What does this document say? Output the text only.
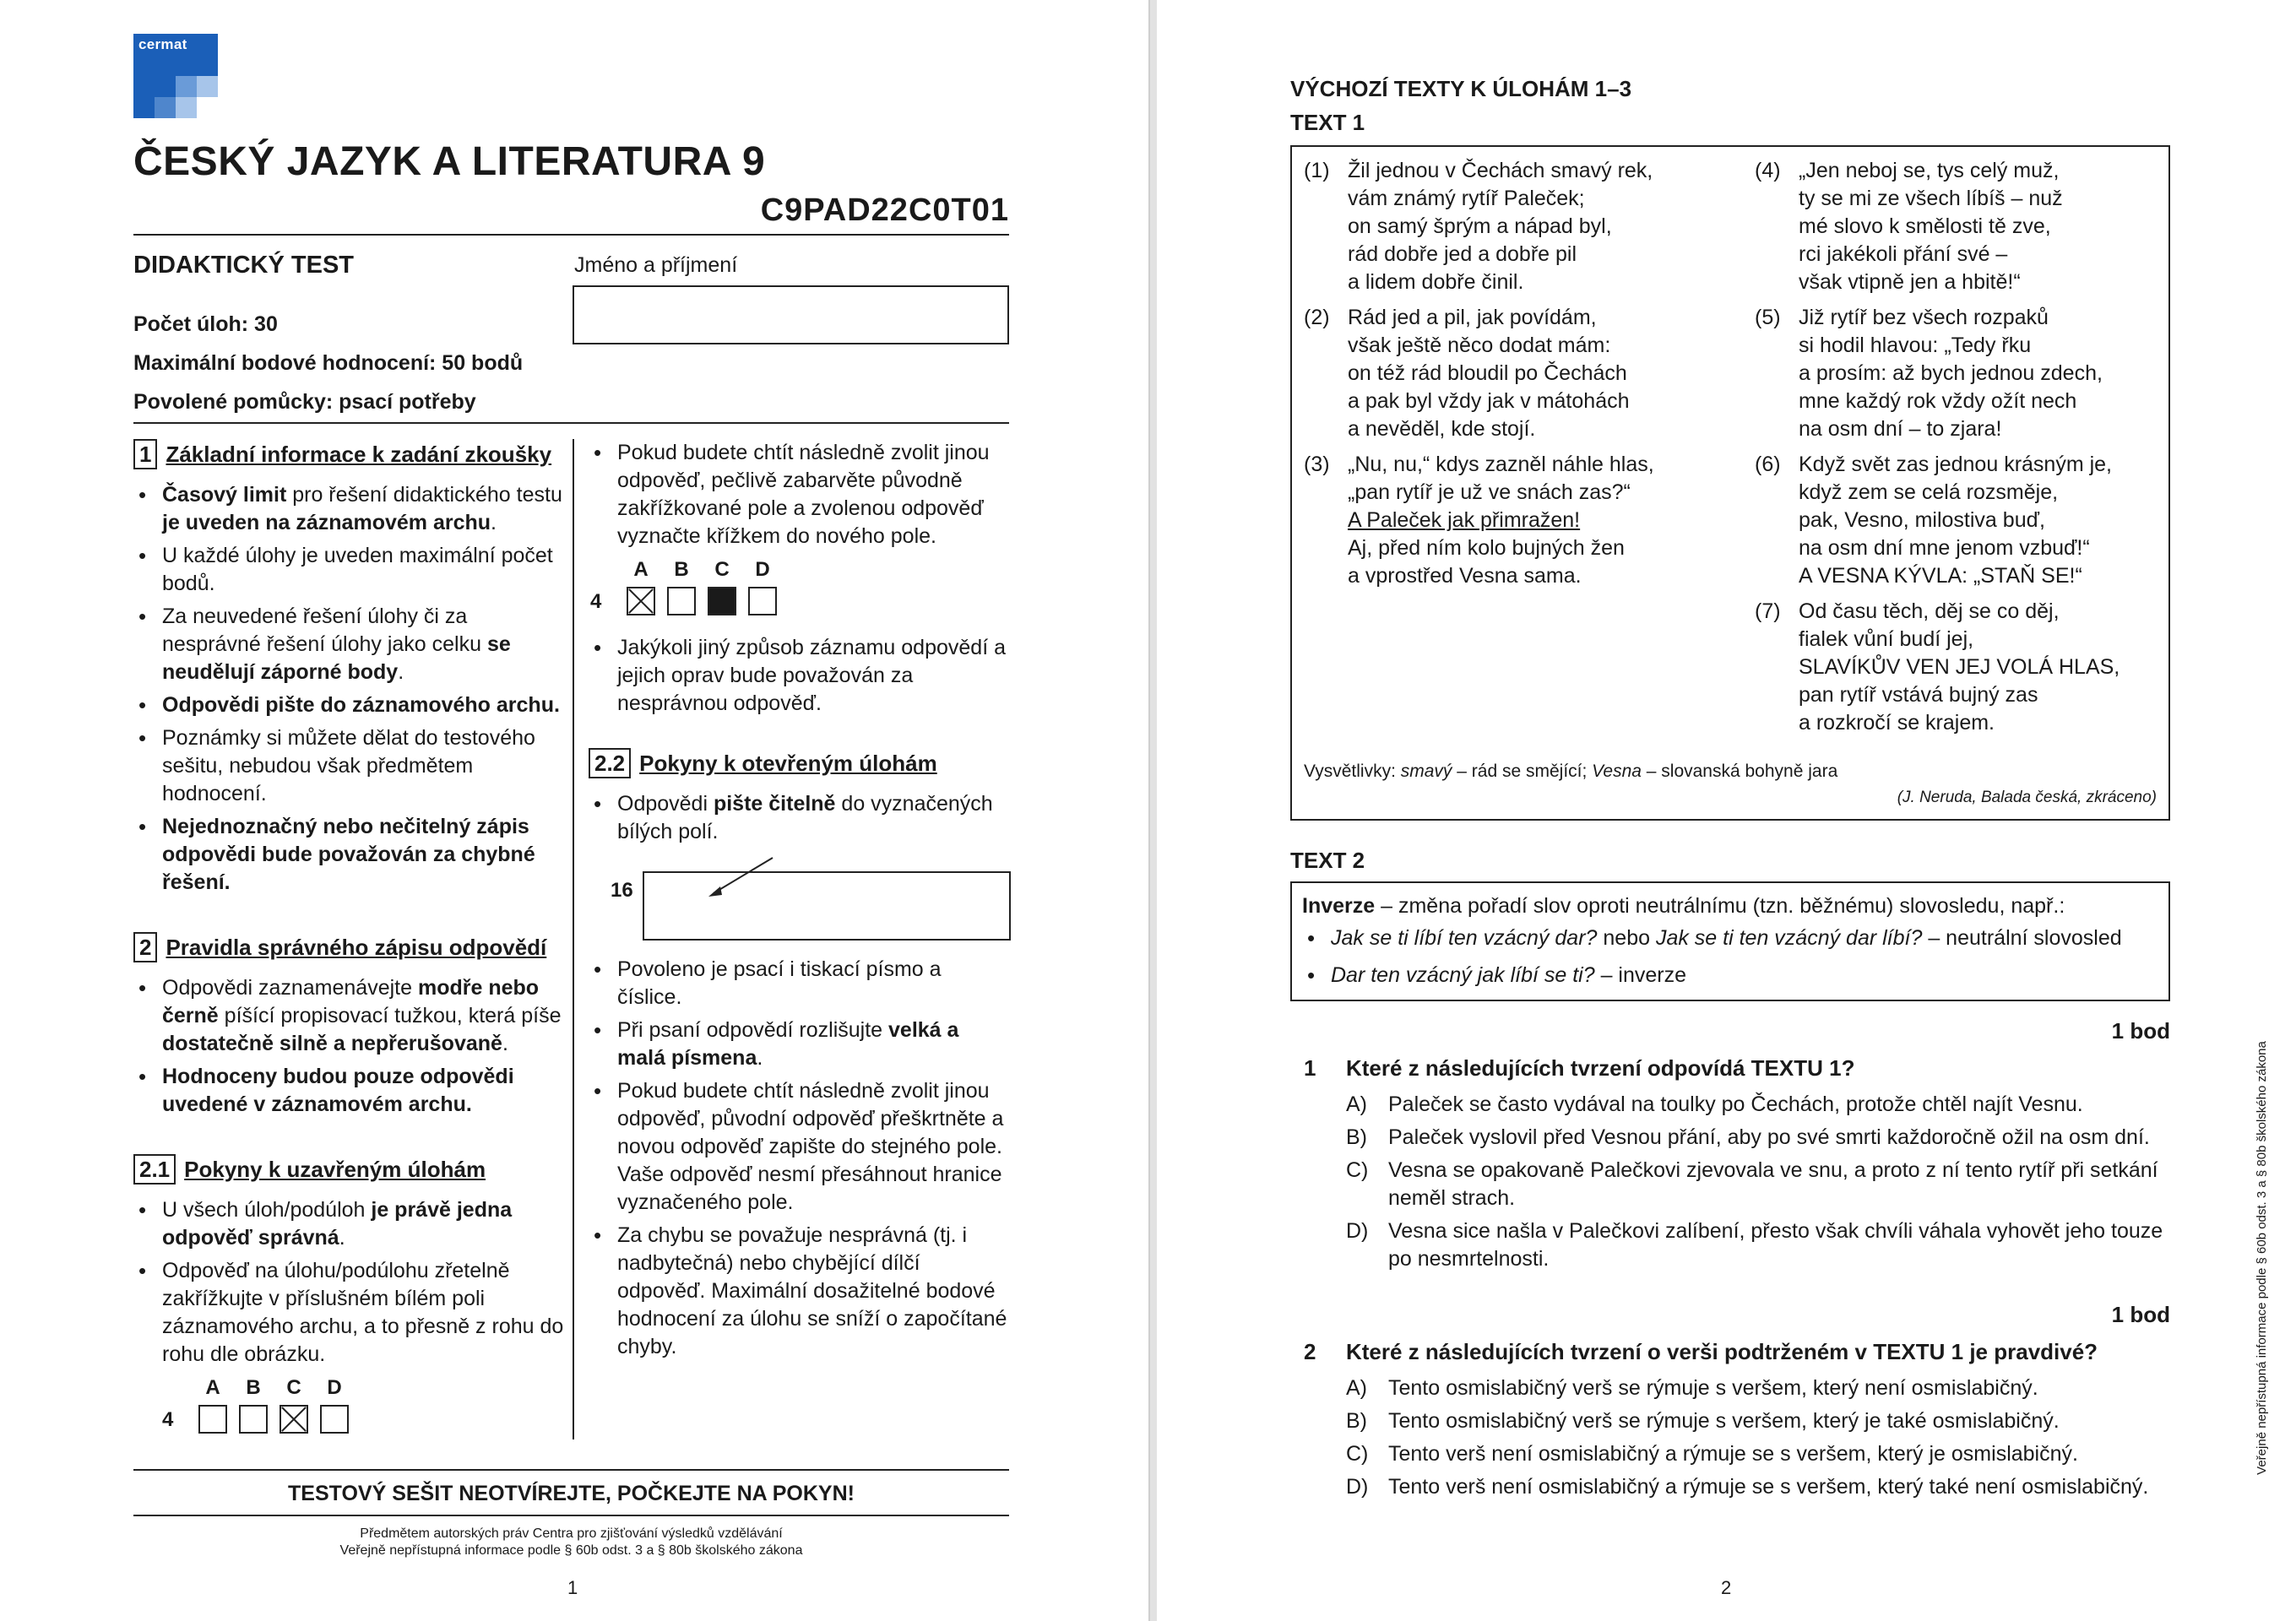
cermat
ČESKÝ JAZYK A LITERATURA 9
C9PAD22C0T01
DIDAKTICKÝ TEST
Počet úloh: 30
Maximální bodové hodnocení: 50 bodů
Povolené pomůcky: psací potřeby
Jméno a příjmení
1 Základní informace k zadání zkoušky
• Časový limit pro řešení didaktického testu je uveden na záznamovém archu.
• U každé úlohy je uveden maximální počet bodů.
• Za neuvedené řešení úlohy či za nesprávné řešení úlohy jako celku se neudělují záporné body.
• Odpovědi pište do záznamového archu.
• Poznámky si můžete dělat do testového sešitu, nebudou však předmětem hodnocení.
• Nejednoznačný nebo nečitelný zápis odpovědi bude považován za chybné řešení.
2 Pravidla správného zápisu odpovědí
• Odpovědi zaznamenávejte modře nebo černě píšící propisovací tužkou, která píše dostatečně silně a nepřerušovaně.
• Hodnoceny budou pouze odpovědi uvedené v záznamovém archu.
2.1 Pokyny k uzavřeným úlohám
• U všech úloh/podúloh je právě jedna odpověď správná.
• Odpověď na úlohu/podúlohu zřetelně zakřížkujte v příslušném bílém poli záznamového archu, a to přesně z rohu do rohu dle obrázku.
A	B	C	D
4
• Pokud budete chtít následně zvolit jinou odpověď, pečlivě zabarvěte původně zakřížkované pole a zvolenou odpověď vyznačte křížkem do nového pole.
A	B	C	D
4
• Jakýkoli jiný způsob záznamu odpovědí a jejich oprav bude považován za nesprávnou odpověď.
2.2 Pokyny k otevřeným úlohám
• Odpovědi pište čitelně do vyznačených bílých polí.
16
• Povoleno je psací i tiskací písmo a číslice.
• Při psaní odpovědí rozlišujte velká a malá písmena.
• Pokud budete chtít následně zvolit jinou odpověď, původní odpověď přeškrtněte a novou odpověď zapište do stejného pole. Vaše odpověď nesmí přesáhnout hranice vyznačeného pole.
• Za chybu se považuje nesprávná (tj. i nadbytečná) nebo chybějící dílčí odpověď. Maximální dosažitelné bodové hodnocení za úlohu se sníží o započítané chyby.
TESTOVÝ SEŠIT NEOTVÍREJTE, POČKEJTE NA POKYN!
Předmětem autorských práv Centra pro zjišťování výsledků vzdělávání
Veřejně nepřístupná informace podle § 60b odst. 3 a § 80b školského zákona
1
VÝCHOZÍ TEXTY K ÚLOHÁM 1–3
TEXT 1
(1) Žil jednou v Čechách smavý rek,
vám známý rytíř Paleček;
on samý šprým a nápad byl,
rád dobře jed a dobře pil
a lidem dobře činil.
(2) Rád jed a pil, jak povídám,
však ještě něco dodat mám:
on též rád bloudil po Čechách
a pak byl vždy jak v mátohách
a nevěděl, kde stojí.
(3) „Nu, nu,“ kdys zazněl náhle hlas,
„pan rytíř je už ve snách zas?“
A Paleček jak přimražen!
Aj, před ním kolo bujných žen
a vprostřed Vesna sama.
(4) „Jen neboj se, tys celý muž,
ty se mi ze všech líbíš – nuž
mé slovo k smělosti tě zve,
rci jakékoli přání své –
však vtipně jen a hbitě!“
(5) Již rytíř bez všech rozpaků
si hodil hlavou: „Tedy řku
a prosím: až bych jednou zdech,
mne každý rok vždy ožít nech
na osm dní – to zjara!
(6) Když svět zas jednou krásným je,
když zem se celá rozsměje,
pak, Vesno, milostiva buď,
na osm dní mne jenom vzbuď!“
A VESNA KÝVLA: „STAŇ SE!“
(7) Od času těch, děj se co děj,
fialek vůní budí jej,
SLAVÍKŮV VEN JEJ VOLÁ HLAS,
pan rytíř vstává bujný zas
a rozkročí se krajem.
Vysvětlivky: smavý – rád se smějící; Vesna – slovanská bohyně jara
(J. Neruda, Balada česká, zkráceno)
TEXT 2
Inverze – změna pořadí slov oproti neutrálnímu (tzn. běžnému) slovosledu, např.:
• Jak se ti líbí ten vzácný dar? nebo Jak se ti ten vzácný dar líbí? – neutrální slovosled
• Dar ten vzácný jak líbí se ti? – inverze
1 bod
1 Které z následujících tvrzení odpovídá TEXTU 1?
A)	Paleček se často vydával na toulky po Čechách, protože chtěl najít Vesnu.
B)	Paleček vyslovil před Vesnou přání, aby po své smrti každoročně ožil na osm dní.
C) Vesna se opakovaně Palečkovi zjevovala ve snu, a proto z ní tento rytíř při setkání neměl strach.
D) Vesna sice našla v Palečkovi zalíbení, přesto však chvíli váhala vyhovět jeho touze po nesmrtelnosti.
1 bod
2 Které z následujících tvrzení o verši podtrženém v TEXTU 1 je pravdivé?
A)	Tento osmislabičný verš se rýmuje s veršem, který není osmislabičný.
B)	Tento osmislabičný verš se rýmuje s veršem, který je také osmislabičný.
C) Tento verš není osmislabičný a rýmuje se s veršem, který je osmislabičný.
D) Tento verš není osmislabičný a rýmuje se s veršem, který také není osmislabičný.
Veřejně nepřístupná informace podle § 60b odst. 3 a § 80b školského zákona
2
